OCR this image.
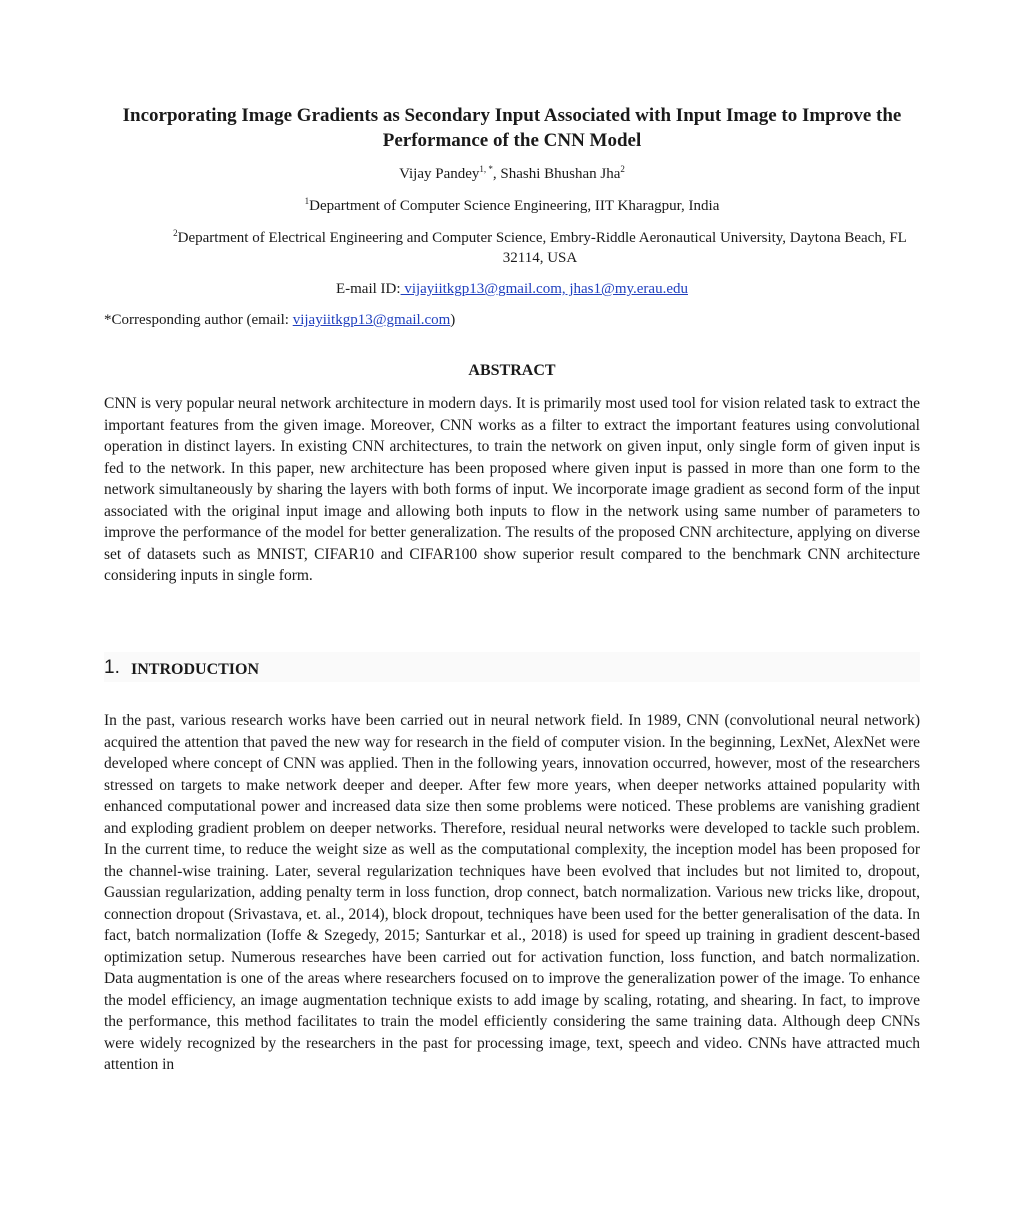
Incorporating Image Gradients as Secondary Input Associated with Input Image to Improve the Performance of the CNN Model
Vijay Pandey$^{1, *}$, Shashi Bhushan Jha$^2$
$^1$Department of Computer Science Engineering, IIT Kharagpur, India
$^2$Department of Electrical Engineering and Computer Science, Embry-Riddle Aeronautical University, Daytona Beach, FL 32114, USA
E-mail ID: vijayiitkgp13@gmail.com, jhas1@my.erau.edu
*Corresponding author (email: vijayiitkgp13@gmail.com)
ABSTRACT

CNN is very popular neural network architecture in modern days. It is primarily most used tool for vision related task to extract the important features from the given image. Moreover, CNN works as a filter to extract the important features using convolutional operation in distinct layers. In existing CNN architectures, to train the network on given input, only single form of given input is fed to the network. In this paper, new architecture has been proposed where given input is passed in more than one form to the network simultaneously by sharing the layers with both forms of input. We incorporate image gradient as second form of the input associated with the original input image and allowing both inputs to flow in the network using same number of parameters to improve the performance of the model for better generalization. The results of the proposed CNN architecture, applying on diverse set of datasets such as MNIST, CIFAR10 and CIFAR100 show superior result compared to the benchmark CNN architecture considering inputs in single form.

1. INTRODUCTION

In the past, various research works have been carried out in neural network field. In 1989, CNN (convolutional neural network) acquired the attention that paved the new way for research in the field of computer vision. In the beginning, LexNet, AlexNet were developed where concept of CNN was applied. Then in the following years, innovation occurred, however, most of the researchers stressed on targets to make network deeper and deeper. After few more years, when deeper networks attained popularity with enhanced computational power and increased data size then some problems were noticed. These problems are vanishing gradient and exploding gradient problem on deeper networks. Therefore, residual neural networks were developed to tackle such problem. In the current time, to reduce the weight size as well as the computational complexity, the inception model has been proposed for the channel-wise training. Later, several regularization techniques have been evolved that includes but not limited to, dropout, Gaussian regularization, adding penalty term in loss function, drop connect, batch normalization. Various new tricks like, dropout, connection dropout (Srivastava, et. al., 2014), block dropout, techniques have been used for the better generalisation of the data. In fact, batch normalization (Ioffe & Szegedy, 2015; Santurkar et al., 2018) is used for speed up training in gradient descent-based optimization setup. Numerous researches have been carried out for activation function, loss function, and batch normalization. Data augmentation is one of the areas where researchers focused on to improve the generalization power of the image. To enhance the model efficiency, an image augmentation technique exists to add image by scaling, rotating, and shearing. In fact, to improve the performance, this method facilitates to train the model efficiently considering the same training data. Although deep CNNs were widely recognized by the researchers in the past for processing image, text, speech and video. CNNs have attracted much attention in
